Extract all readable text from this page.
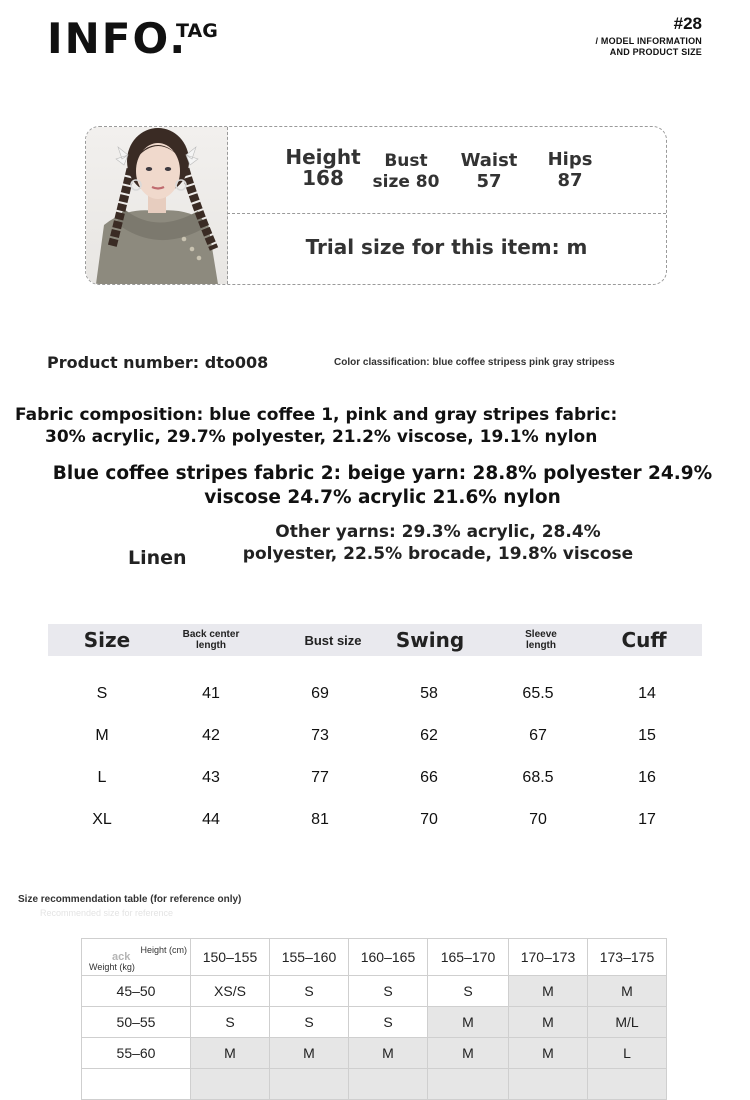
INFO.
TAG	#28
/ MODEL INFORMATION
AND PRODUCT SIZE
Height
168
Bust
size 80
Waist
57
Hips
87
Trial size for this item: m
Product number: dto008	Color classification: blue coffee stripess pink gray stripess
Fabric composition: blue coffee 1, pink and gray stripes fabric:
30% acrylic, 29.7% polyester, 21.2% viscose, 19.1% nylon
Blue coffee stripes fabric 2: beige yarn: 28.8% polyester 24.9%
viscose 24.7% acrylic 21.6% nylon
Other yarns: 29.3% acrylic, 28.4%
polyester, 22.5% brocade, 19.8% viscose
Linen
Size	Back center length	Bust size	Swing	Sleeve length	Cuff
S	41	69	58	65.5	14
M	42	73	62	67	15
L	43	77	66	68.5	16
XL	44	81	70	70	17
Size recommendation table (for reference only)
Recommended size for reference
Height (cm)
ack
Weight (kg)	150–155	155–160	160–165	165–170	170–173	173–175
45–50	XS/S	S	S	S	M	M
50–55	S	S	S	M	M	M/L
55–60	M	M	M	M	M	L
